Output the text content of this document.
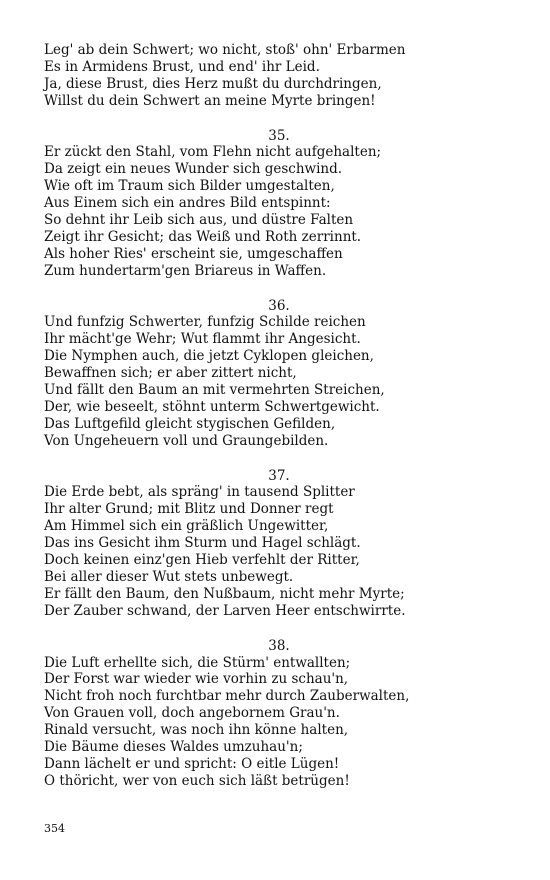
Leg' ab dein Schwert; wo nicht, stoß' ohn' Erbarmen
Es in Armidens Brust, und end' ihr Leid.
Ja, diese Brust, dies Herz mußt du durchdringen,
Willst du dein Schwert an meine Myrte bringen!
35.
Er zückt den Stahl, vom Flehn nicht aufgehalten;
Da zeigt ein neues Wunder sich geschwind.
Wie oft im Traum sich Bilder umgestalten,
Aus Einem sich ein andres Bild entspinnt:
So dehnt ihr Leib sich aus, und düstre Falten
Zeigt ihr Gesicht; das Weiß und Roth zerrinnt.
Als hoher Ries' erscheint sie, umgeschaffen
Zum hundertarm'gen Briareus in Waffen.
36.
Und funfzig Schwerter, funfzig Schilde reichen
Ihr mächt'ge Wehr; Wut flammt ihr Angesicht.
Die Nymphen auch, die jetzt Cyklopen gleichen,
Bewaffnen sich; er aber zittert nicht,
Und fällt den Baum an mit vermehrten Streichen,
Der, wie beseelt, stöhnt unterm Schwertgewicht.
Das Luftgefild gleicht stygischen Gefilden,
Von Ungeheuern voll und Graungebilden.
37.
Die Erde bebt, als spräng' in tausend Splitter
Ihr alter Grund; mit Blitz und Donner regt
Am Himmel sich ein gräßlich Ungewitter,
Das ins Gesicht ihm Sturm und Hagel schlägt.
Doch keinen einz'gen Hieb verfehlt der Ritter,
Bei aller dieser Wut stets unbewegt.
Er fällt den Baum, den Nußbaum, nicht mehr Myrte;
Der Zauber schwand, der Larven Heer entschwirrte.
38.
Die Luft erhellte sich, die Stürm' entwallten;
Der Forst war wieder wie vorhin zu schau'n,
Nicht froh noch furchtbar mehr durch Zauberwalten,
Von Grauen voll, doch angebornem Grau'n.
Rinald versucht, was noch ihn könne halten,
Die Bäume dieses Waldes umzuhau'n;
Dann lächelt er und spricht: O eitle Lügen!
O thöricht, wer von euch sich läßt betrügen!
354
